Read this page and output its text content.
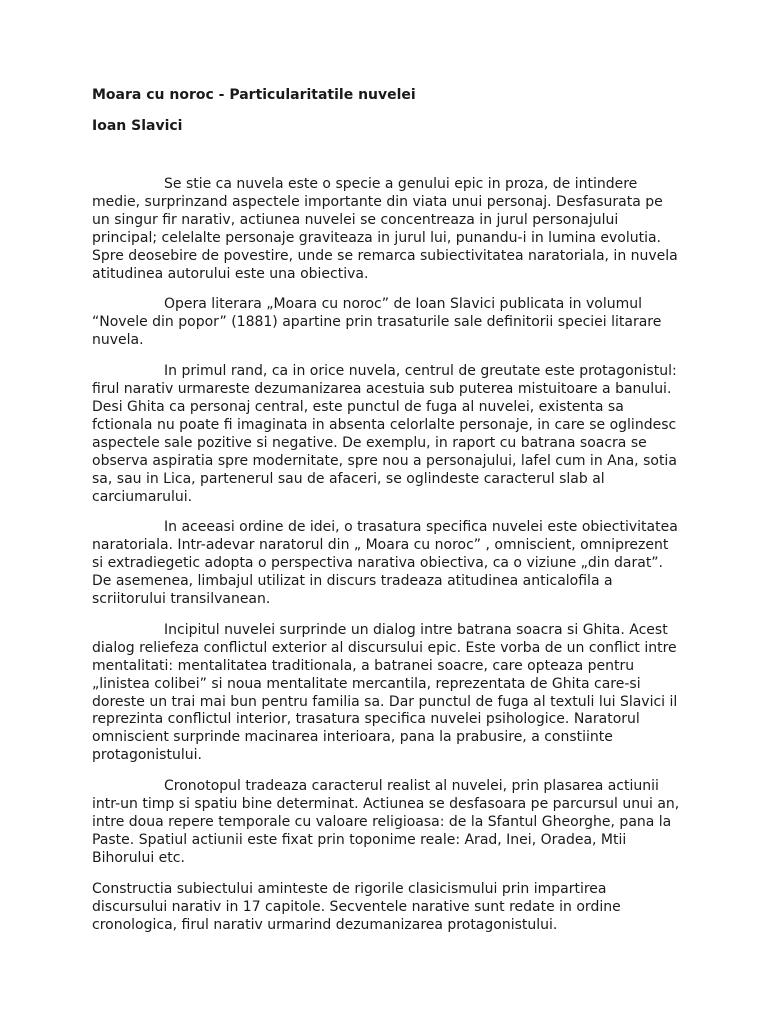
Moara cu noroc - Particularitatile nuvelei

Ioan Slavici

Se stie ca nuvela este o specie a genului epic in proza, de intindere medie, surprinzand aspectele importante din viata unui personaj. Desfasurata pe un singur fir narativ, actiunea nuvelei se concentreaza in jurul personajului principal; celelalte personaje graviteaza in jurul lui, punandu-i in lumina evolutia. Spre deosebire de povestire, unde se remarca subiectivitatea naratoriala, in nuvela atitudinea autorului este una obiectiva.

Opera literara „Moara cu noroc” de Ioan Slavici publicata in volumul “Novele din popor” (1881) apartine prin trasaturile sale definitorii speciei litarare nuvela.

In primul rand, ca in orice nuvela, centrul de greutate este protagonistul: firul narativ urmareste dezumanizarea acestuia sub puterea mistuitoare a banului. Desi Ghita ca personaj central, este punctul de fuga al nuvelei, existenta sa fctionala nu poate fi imaginata in absenta celorlalte personaje, in care se oglindesc aspectele sale pozitive si negative. De exemplu, in raport cu batrana soacra se observa aspiratia spre modernitate, spre nou a personajului, lafel cum in Ana, sotia sa, sau in Lica, partenerul sau de afaceri, se oglindeste caracterul slab al carciumarului.

In aceeasi ordine de idei, o trasatura specifica nuvelei este obiectivitatea naratoriala. Intr-adevar naratorul din „ Moara cu noroc” , omniscient, omniprezent si extradiegetic adopta o perspectiva narativa obiectiva, ca o viziune „din darat”. De asemenea, limbajul utilizat in discurs tradeaza atitudinea anticalofila a scriitorului transilvanean.

Incipitul nuvelei surprinde un dialog intre batrana soacra si Ghita. Acest dialog reliefeza conflictul exterior al discursului epic. Este vorba de un conflict intre mentalitati: mentalitatea traditionala, a batranei soacre, care opteaza pentru „linistea colibei” si noua mentalitate mercantila, reprezentata de Ghita care-si doreste un trai mai bun pentru familia sa. Dar punctul de fuga al textuli lui Slavici il reprezinta conflictul interior, trasatura specifica nuvelei psihologice. Naratorul omniscient surprinde macinarea interioara, pana la prabusire, a constiinte protagonistului.

Cronotopul tradeaza caracterul realist al nuvelei, prin plasarea actiunii intr-un timp si spatiu bine determinat. Actiunea se desfasoara pe parcursul unui an, intre doua repere temporale cu valoare religioasa: de la Sfantul Gheorghe, pana la Paste. Spatiul actiunii este fixat prin toponime reale: Arad, Inei, Oradea, Mtii Bihorului etc.

Constructia subiectului aminteste de rigorile clasicismului prin impartirea discursului narativ in 17 capitole. Secventele narative sunt redate in ordine cronologica, firul narativ urmarind dezumanizarea protagonistului.
